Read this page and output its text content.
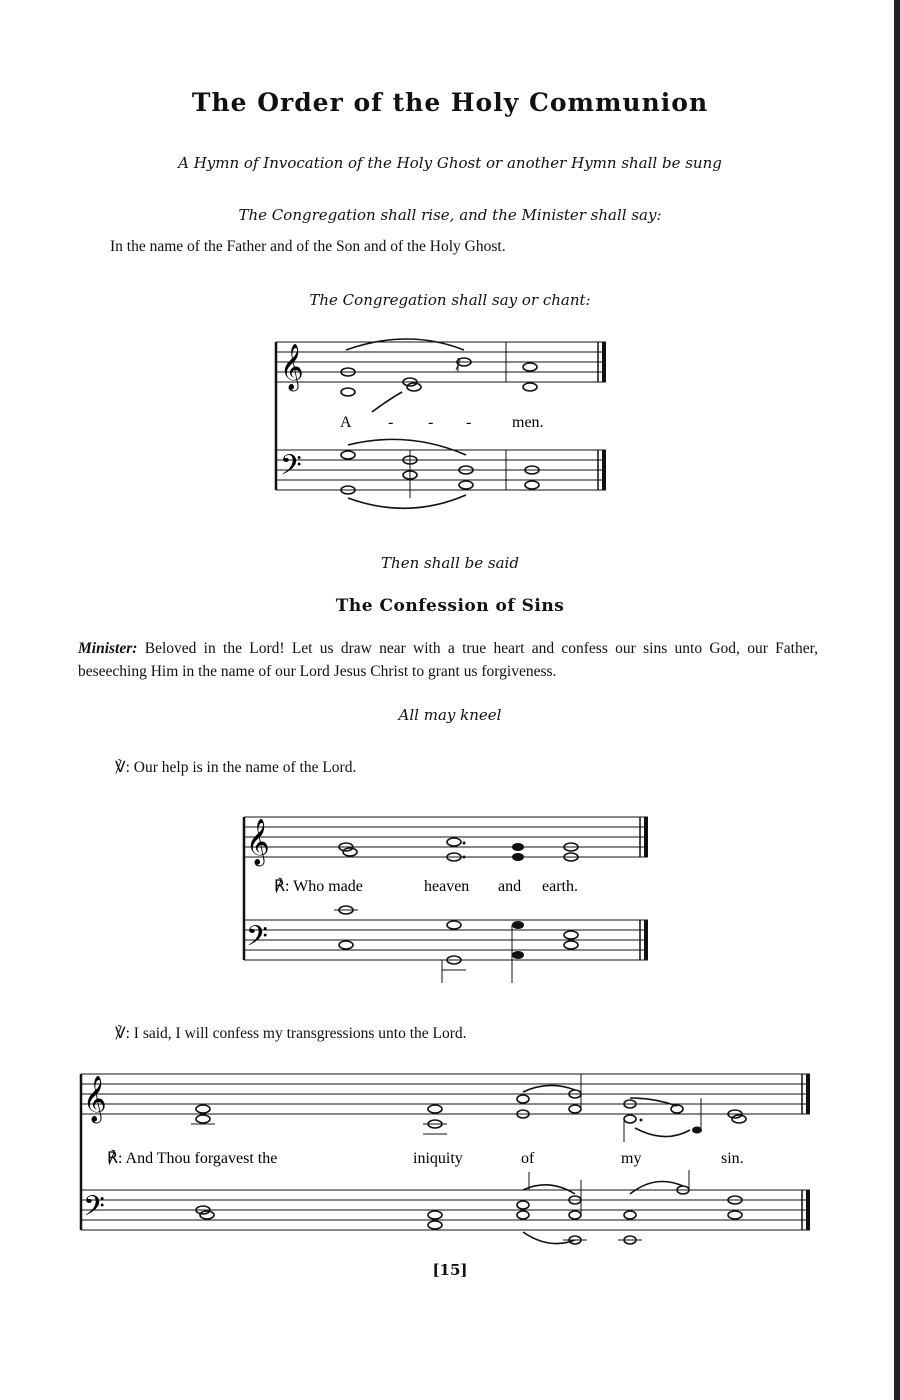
The Order of the Holy Communion
A Hymn of Invocation of the Holy Ghost or another Hymn shall be sung
The Congregation shall rise, and the Minister shall say:
In the name of the Father and of the Son and of the Holy Ghost.
The Congregation shall say or chant:
𝄞
𝄢
A - - -	men.
Then shall be said
The Confession of Sins
Minister: Beloved in the Lord! Let us draw near with a true heart and confess our sins unto God, our Father, beseeching Him in the name of our Lord Jesus Christ to grant us forgiveness.
All may kneel
℣: Our help is in the name of the Lord.
𝄞
𝄢
℟: Who made	heaven and earth.
℣: I said, I will confess my transgressions unto the Lord.
𝄞
𝄢
℟: And Thou forgavest the	iniquity	of	my	sin.
[15]
